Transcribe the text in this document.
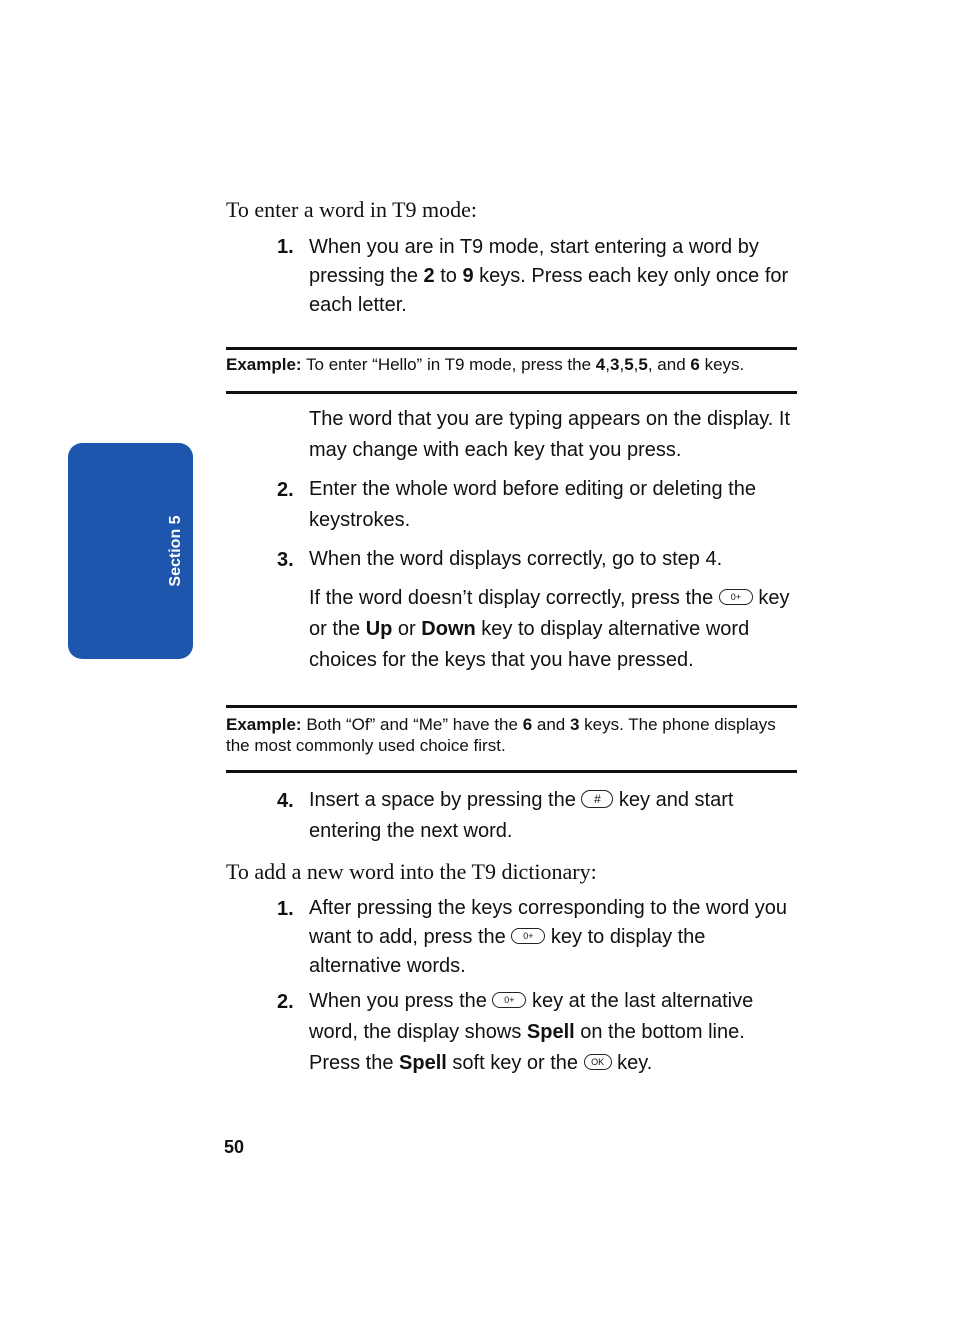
Section 5

To enter a word in T9 mode:

1. When you are in T9 mode, start entering a word by pressing the 2 to 9 keys. Press each key only once for each letter.

Example: To enter “Hello” in T9 mode, press the 4,3,5,5, and 6 keys.

The word that you are typing appears on the display. It may change with each key that you press.

2. Enter the whole word before editing or deleting the keystrokes.

3. When the word displays correctly, go to step 4.

If the word doesn’t display correctly, press the 0+ key or the Up or Down key to display alternative word choices for the keys that you have pressed.

Example: Both “Of” and “Me” have the 6 and 3 keys. The phone displays the most commonly used choice first.

4. Insert a space by pressing the # key and start entering the next word.

To add a new word into the T9 dictionary:

1. After pressing the keys corresponding to the word you want to add, press the 0+ key to display the alternative words.

2. When you press the 0+ key at the last alternative word, the display shows Spell on the bottom line. Press the Spell soft key or the OK key.

50
